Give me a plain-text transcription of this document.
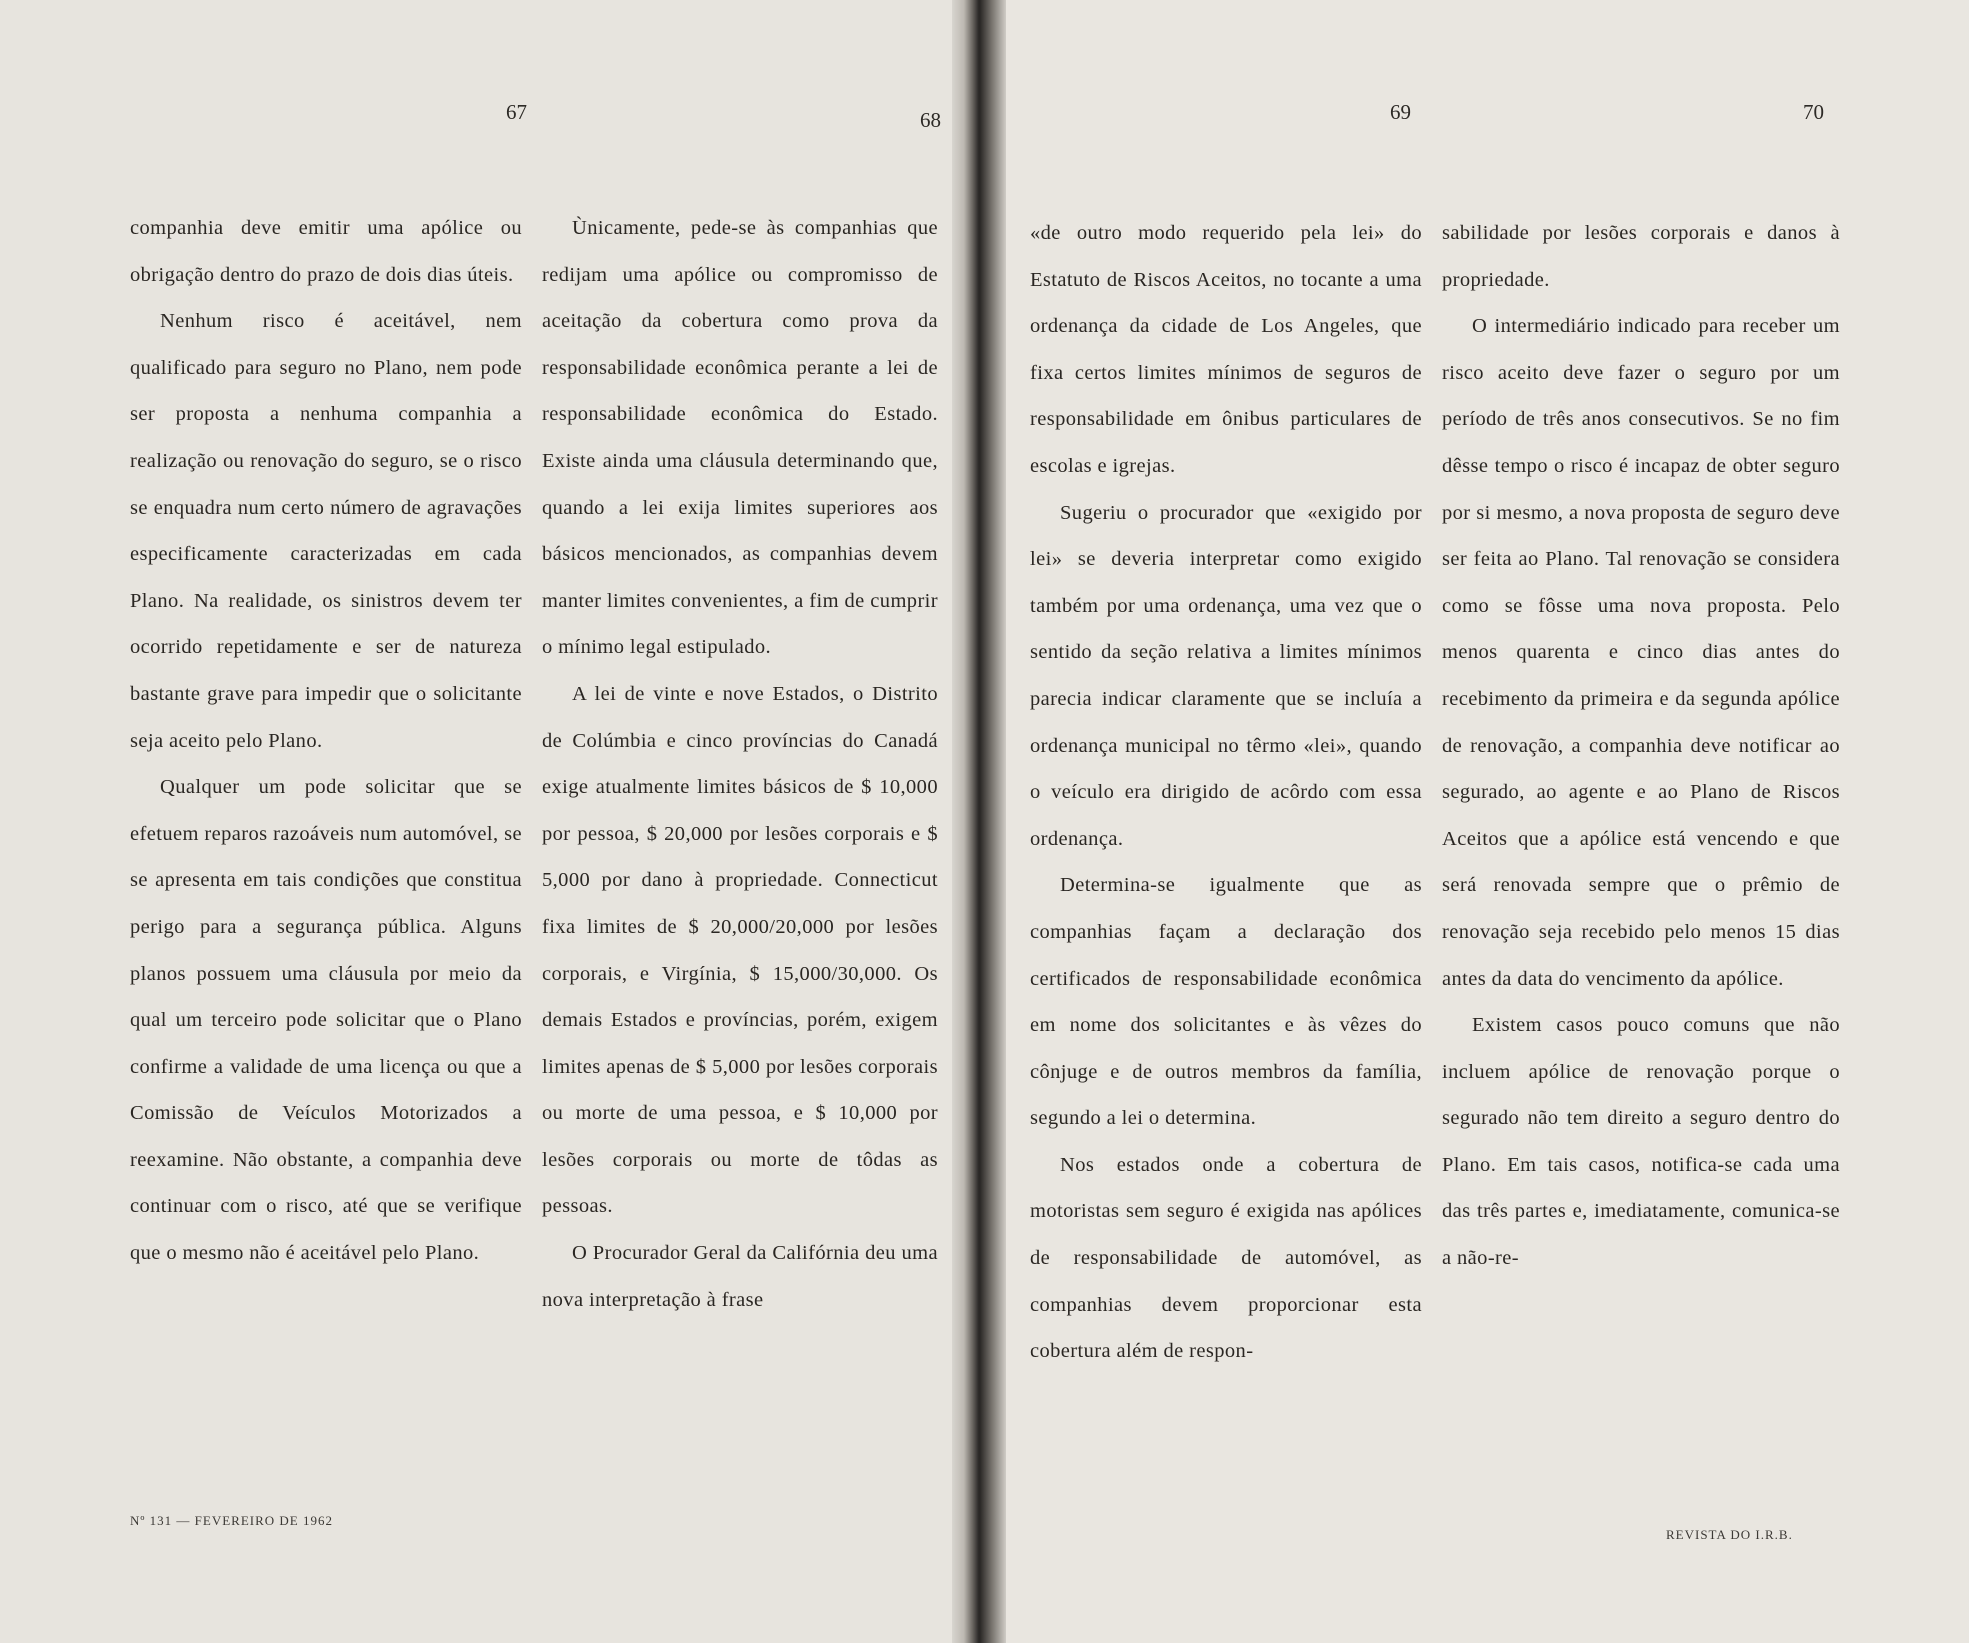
67	68

companhia deve emitir uma apólice ou obrigação dentro do prazo de dois dias úteis.

Nenhum risco é aceitável, nem qualificado para seguro no Plano, nem pode ser proposta a nenhuma companhia a realização ou renovação do seguro, se o risco se enquadra num certo número de agravações especificamente caracterizadas em cada Plano. Na realidade, os sinistros devem ter ocorrido repetidamente e ser de natureza bastante grave para impedir que o solicitante seja aceito pelo Plano.

Qualquer um pode solicitar que se efetuem reparos razoáveis num automóvel, se se apresenta em tais condições que constitua perigo para a segurança pública. Alguns planos possuem uma cláusula por meio da qual um terceiro pode solicitar que o Plano confirme a validade de uma licença ou que a Comissão de Veículos Motorizados a reexamine. Não obstante, a companhia deve continuar com o risco, até que se verifique que o mesmo não é aceitável pelo Plano.

Ùnicamente, pede-se às companhias que redijam uma apólice ou compromisso de aceitação da cobertura como prova da responsabilidade econômica perante a lei de responsabilidade econômica do Estado. Existe ainda uma cláusula determinando que, quando a lei exija limites superiores aos básicos mencionados, as companhias devem manter limites convenientes, a fim de cumprir o mínimo legal estipulado.

A lei de vinte e nove Estados, o Distrito de Colúmbia e cinco províncias do Canadá exige atualmente limites básicos de $ 10,000 por pessoa, $ 20,000 por lesões corporais e $ 5,000 por dano à propriedade. Connecticut fixa limites de $ 20,000/20,000 por lesões corporais, e Virgínia, $ 15,000/30,000. Os demais Estados e províncias, porém, exigem limites apenas de $ 5,000 por lesões corporais ou morte de uma pessoa, e $ 10,000 por lesões corporais ou morte de tôdas as pessoas.

O Procurador Geral da Califórnia deu uma nova interpretação à frase

Nº 131 — FEVEREIRO DE 1962
69	70

«de outro modo requerido pela lei» do Estatuto de Riscos Aceitos, no tocante a uma ordenança da cidade de Los Angeles, que fixa certos limites mínimos de seguros de responsabilidade em ônibus particulares de escolas e igrejas.

Sugeriu o procurador que «exigido por lei» se deveria interpretar como exigido também por uma ordenança, uma vez que o sentido da seção relativa a limites mínimos parecia indicar claramente que se incluía a ordenança municipal no têrmo «lei», quando o veículo era dirigido de acôrdo com essa ordenança.

Determina-se igualmente que as companhias façam a declaração dos certificados de responsabilidade econômica em nome dos solicitantes e às vêzes do cônjuge e de outros membros da família, segundo a lei o determina.

Nos estados onde a cobertura de motoristas sem seguro é exigida nas apólices de responsabilidade de automóvel, as companhias devem proporcionar esta cobertura além de respon-

sabilidade por lesões corporais e danos à propriedade.

O intermediário indicado para receber um risco aceito deve fazer o seguro por um período de três anos consecutivos. Se no fim dêsse tempo o risco é incapaz de obter seguro por si mesmo, a nova proposta de seguro deve ser feita ao Plano. Tal renovação se considera como se fôsse uma nova proposta. Pelo menos quarenta e cinco dias antes do recebimento da primeira e da segunda apólice de renovação, a companhia deve notificar ao segurado, ao agente e ao Plano de Riscos Aceitos que a apólice está vencendo e que será renovada sempre que o prêmio de renovação seja recebido pelo menos 15 dias antes da data do vencimento da apólice.

Existem casos pouco comuns que não incluem apólice de renovação porque o segurado não tem direito a seguro dentro do Plano. Em tais casos, notifica-se cada uma das três partes e, imediatamente, comunica-se a não-re-

REVISTA DO I.R.B.
